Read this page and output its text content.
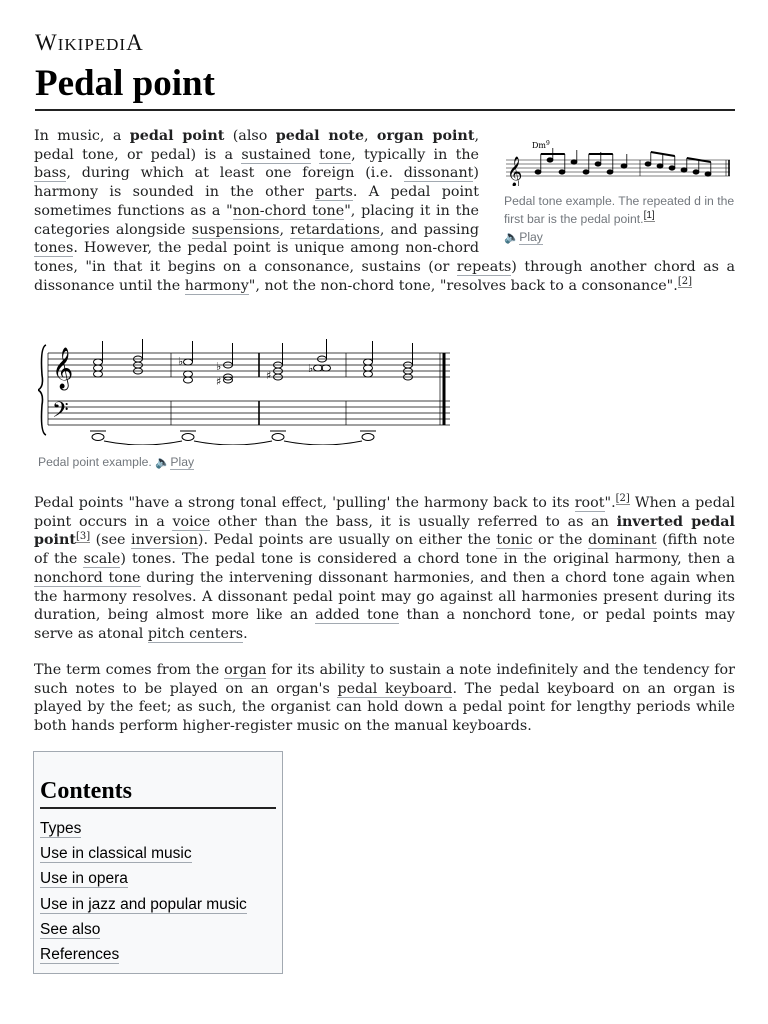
WIKIPEDIA
Pedal point
Dm$^9$
𝄞
Pedal tone example. The repeated d in the first bar is the pedal point.[1]
🔈Play

In music, a pedal point (also pedal note, organ point, pedal tone, or pedal) is a sustained tone, typically in the bass, during which at least one foreign (i.e. dissonant) harmony is sounded in the other parts. A pedal point sometimes functions as a "non-chord tone", placing it in the categories alongside suspensions, retardations, and passing tones. However, the pedal point is unique among non-chord tones, "in that it begins on a consonance, sustains (or repeats) through another chord as a dissonance until the harmony", not the non-chord tone, "resolves back to a consonance".[2]

𝄞
𝄢
♭	♭
♯	♯
♭
Pedal point example. 🔈Play

Pedal points "have a strong tonal effect, 'pulling' the harmony back to its root".[2] When a pedal point occurs in a voice other than the bass, it is usually referred to as an inverted pedal point[3] (see inversion). Pedal points are usually on either the tonic or the dominant (fifth note of the scale) tones. The pedal tone is considered a chord tone in the original harmony, then a nonchord tone during the intervening dissonant harmonies, and then a chord tone again when the harmony resolves. A dissonant pedal point may go against all harmonies present during its duration, being almost more like an added tone than a nonchord tone, or pedal points may serve as atonal pitch centers.

The term comes from the organ for its ability to sustain a note indefinitely and the tendency for such notes to be played on an organ's pedal keyboard. The pedal keyboard on an organ is played by the feet; as such, the organist can hold down a pedal point for lengthy periods while both hands perform higher-register music on the manual keyboards.

Contents
Types
Use in classical music
Use in opera
Use in jazz and popular music
See also
References
